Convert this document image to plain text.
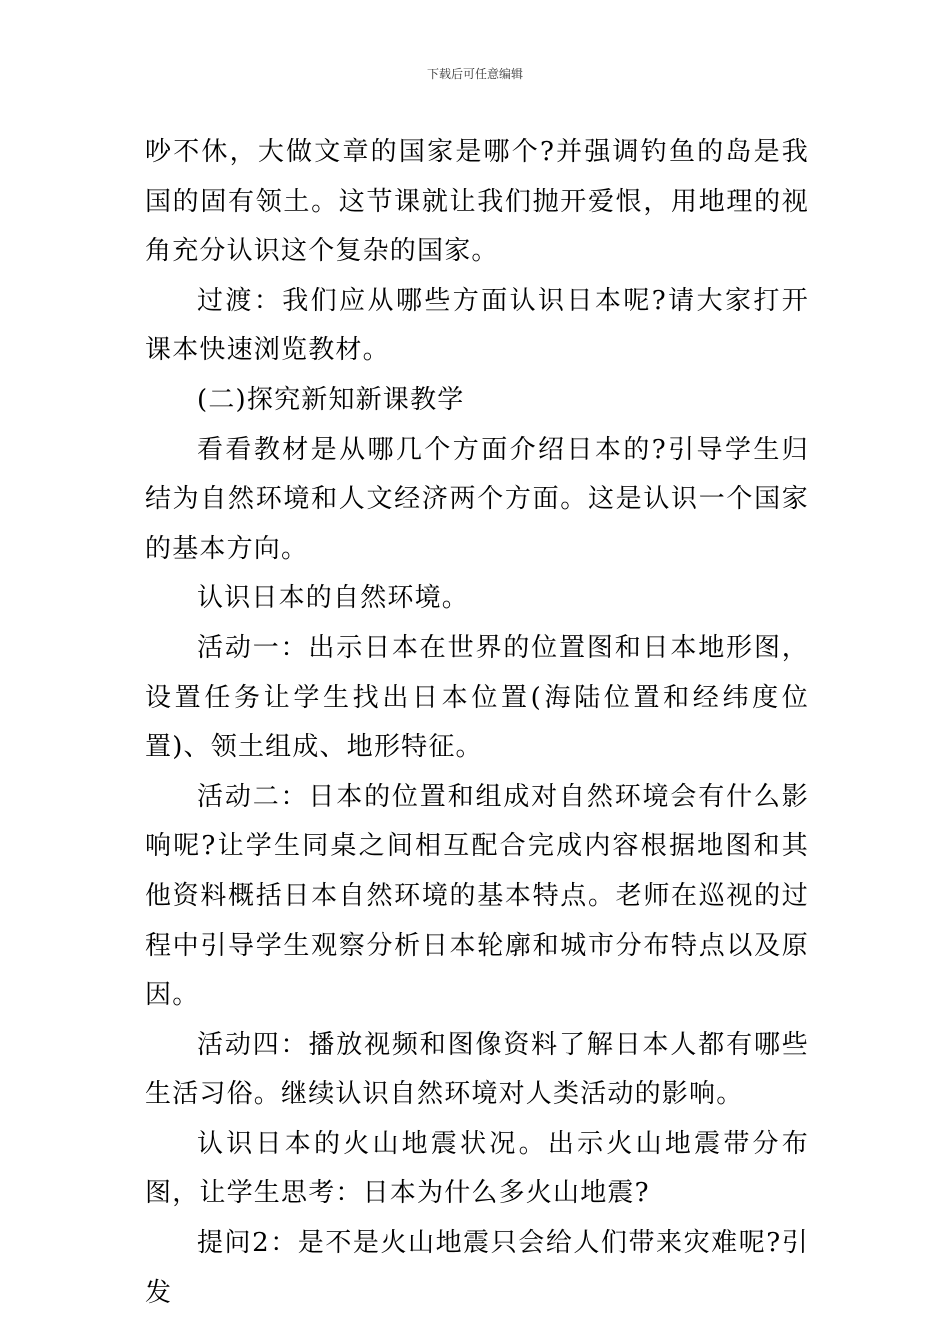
下载后可任意编辑

吵不休，大做文章的国家是哪个?并强调钓鱼的岛是我国的固有领土。这节课就让我们抛开爱恨，用地理的视角充分认识这个复杂的国家。

过渡：我们应从哪些方面认识日本呢?请大家打开课本快速浏览教材。

(二)探究新知新课教学

看看教材是从哪几个方面介绍日本的?引导学生归结为自然环境和人文经济两个方面。这是认识一个国家的基本方向。

认识日本的自然环境。

活动一：出示日本在世界的位置图和日本地形图，设置任务让学生找出日本位置(海陆位置和经纬度位置)、领土组成、地形特征。

活动二：日本的位置和组成对自然环境会有什么影响呢?让学生同桌之间相互配合完成内容根据地图和其他资料概括日本自然环境的基本特点。老师在巡视的过程中引导学生观察分析日本轮廓和城市分布特点以及原因。

活动四：播放视频和图像资料了解日本人都有哪些生活习俗。继续认识自然环境对人类活动的影响。

认识日本的火山地震状况。出示火山地震带分布图，让学生思考：日本为什么多火山地震?

提问2：是不是火山地震只会给人们带来灾难呢?引发
